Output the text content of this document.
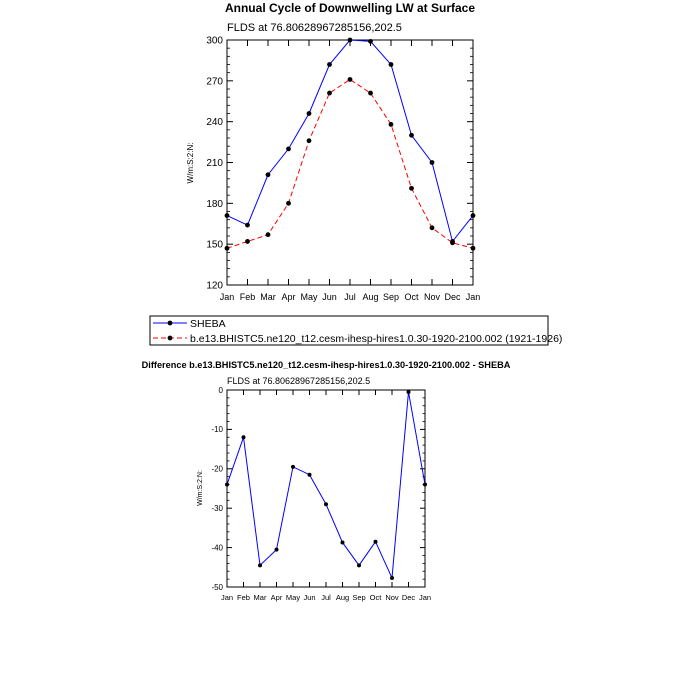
Annual Cycle of Downwelling LW at Surface
FLDS at 76.80628967285156,202.5
W/m:S:2:N:
120
150
180
210
240
270
300
Jan Feb Mar Apr May Jun Jul Aug Sep Oct Nov Dec Jan
SHEBA
b.e13.BHISTC5.ne120_t12.cesm-ihesp-hires1.0.30-1920-2100.002 (1921-1926)
Difference b.e13.BHISTC5.ne120_t12.cesm-ihesp-hires1.0.30-1920-2100.002 - SHEBA
FLDS at 76.80628967285156,202.5
W/m:S:2:N:
-50
-40
-30
-20
-10
0
Jan Feb Mar Apr May Jun Jul Aug Sep Oct Nov Dec Jan
